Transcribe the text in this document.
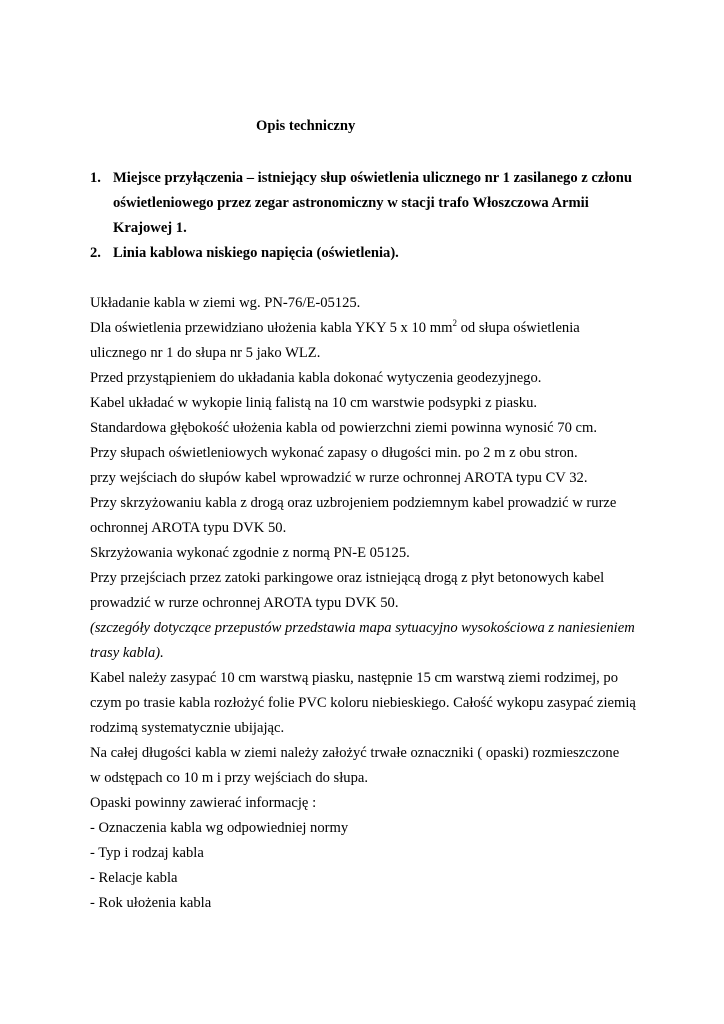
Opis techniczny
1. Miejsce przyłączenia – istniejący słup oświetlenia ulicznego nr 1 zasilanego z członu
oświetleniowego przez zegar astronomiczny w stacji trafo Włoszczowa Armii
Krajowej 1.
2. Linia kablowa niskiego napięcia (oświetlenia).

Układanie kabla w ziemi wg. PN-76/E-05125.

Dla oświetlenia przewidziano ułożenia kabla YKY 5 x 10 $mm^2$ od słupa oświetlenia

ulicznego nr 1 do słupa nr 5 jako WLZ.

Przed przystąpieniem do układania kabla dokonać wytyczenia geodezyjnego.

Kabel układać w wykopie linią falistą na 10 cm warstwie podsypki z piasku.

Standardowa głębokość ułożenia kabla od powierzchni ziemi powinna wynosić 70 cm.

Przy słupach oświetleniowych wykonać zapasy o długości min. po 2 m z obu stron.

przy wejściach do słupów kabel wprowadzić w rurze ochronnej AROTA typu CV 32.

Przy skrzyżowaniu kabla z drogą oraz uzbrojeniem podziemnym kabel prowadzić w rurze

ochronnej AROTA typu DVK 50.

Skrzyżowania wykonać zgodnie z normą PN-E 05125.

Przy przejściach przez zatoki parkingowe oraz istniejącą drogą z płyt betonowych kabel

prowadzić w rurze ochronnej AROTA typu DVK 50.

(szczegóły dotyczące przepustów przedstawia mapa sytuacyjno wysokościowa z naniesieniem

trasy kabla).

Kabel należy zasypać 10 cm warstwą piasku, następnie 15 cm warstwą ziemi rodzimej, po

czym po trasie kabla rozłożyć folie PVC koloru niebieskiego. Całość wykopu zasypać ziemią

rodzimą systematycznie ubijając.

Na całej długości kabla w ziemi należy założyć trwałe oznaczniki ( opaski) rozmieszczone

w odstępach co 10 m i przy wejściach do słupa.

Opaski powinny zawierać informację :

- Oznaczenia kabla wg odpowiedniej normy

- Typ i rodzaj kabla

- Relacje kabla

- Rok ułożenia kabla
